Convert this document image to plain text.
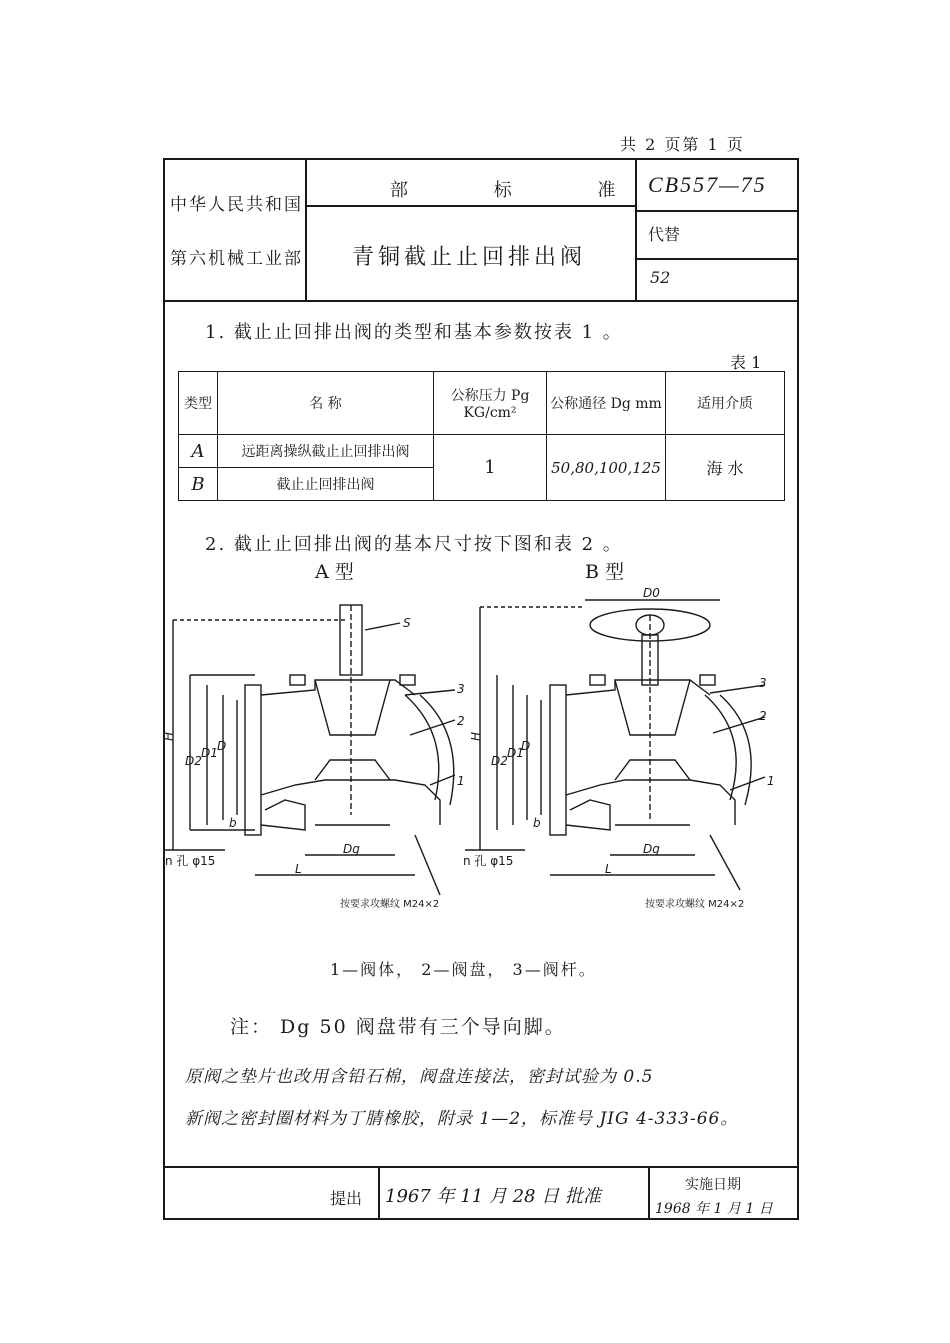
共 2 页第 1 页
中华人民共和国
第六机械工业部
部 标 准
青铜截止止回排出阀
CB557—75
代替
52
1. 截止止回排出阀的类型和基本参数按表 1 。
表 1
类型	名 称	公称压力 Pg KG/cm²	公称通径 Dg mm	适用介质
A	远距离操纵截止止回排出阀	1	50,80,100,125	海 水
B	截止止回排出阀			
2. 截止止回排出阀的基本尺寸按下图和表 2 。
A 型	B 型
S
H
D2
D1 D
b
L
Dg
n 孔 φ15
按要求攻螺纹 M24×2
1
2
3
D0
H
D2
D1
D
b
L
Dg
n 孔 φ15
按要求攻螺纹 M24×2
1
2
3
1—阀体， 2—阀盘， 3—阀杆。
注： Dg 50 阀盘带有三个导向脚。
原阀之垫片也改用含铅石棉，阀盘连接法，密封试验为 0.5
新阀之密封圈材料为丁腈橡胶，附录 1—2，标准号 JIG 4-333-66。
提出 1967 年 11 月 28 日 批准
实施日期
1968 年 1 月 1 日
